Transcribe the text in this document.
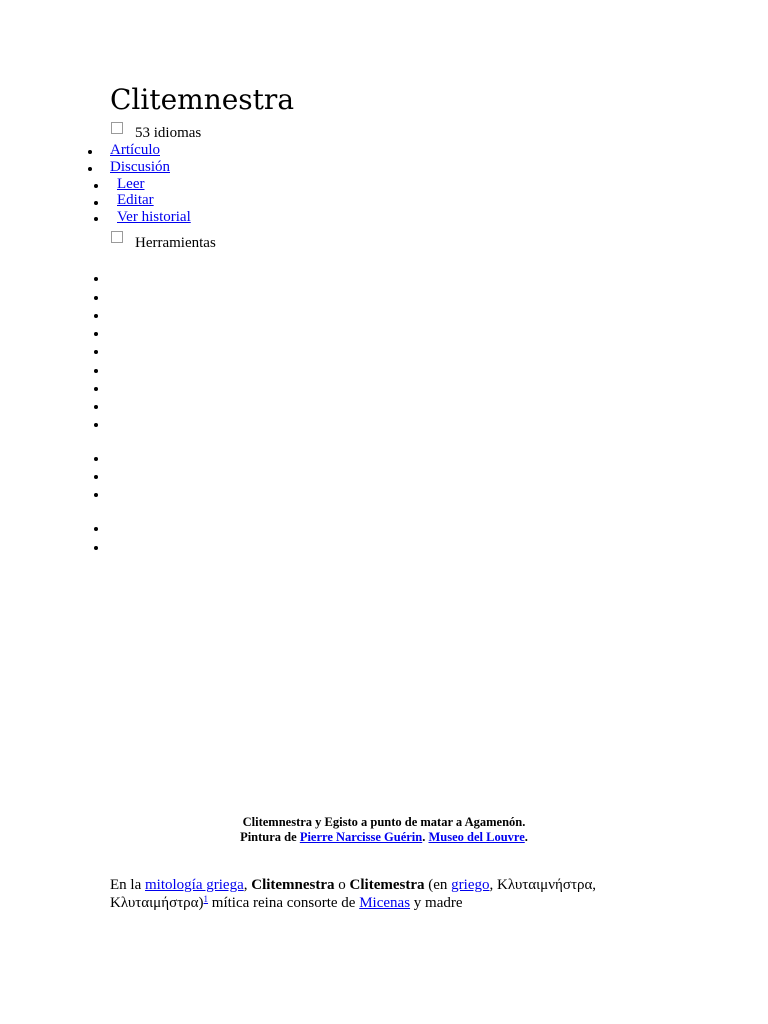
Clitemnestra
53 idiomas
Artículo
Discusión
Leer
Editar
Ver historial
Herramientas
Clitemnestra y Egisto a punto de matar a Agamenón.
Pintura de Pierre Narcisse Guérin. Museo del Louvre.

En la mitología griega, Clitemnestra o Clitemestra (en griego, Κλυταιμνήστρα, Κλυταιμήστρα)$^1$ mítica reina consorte de Micenas y madre
